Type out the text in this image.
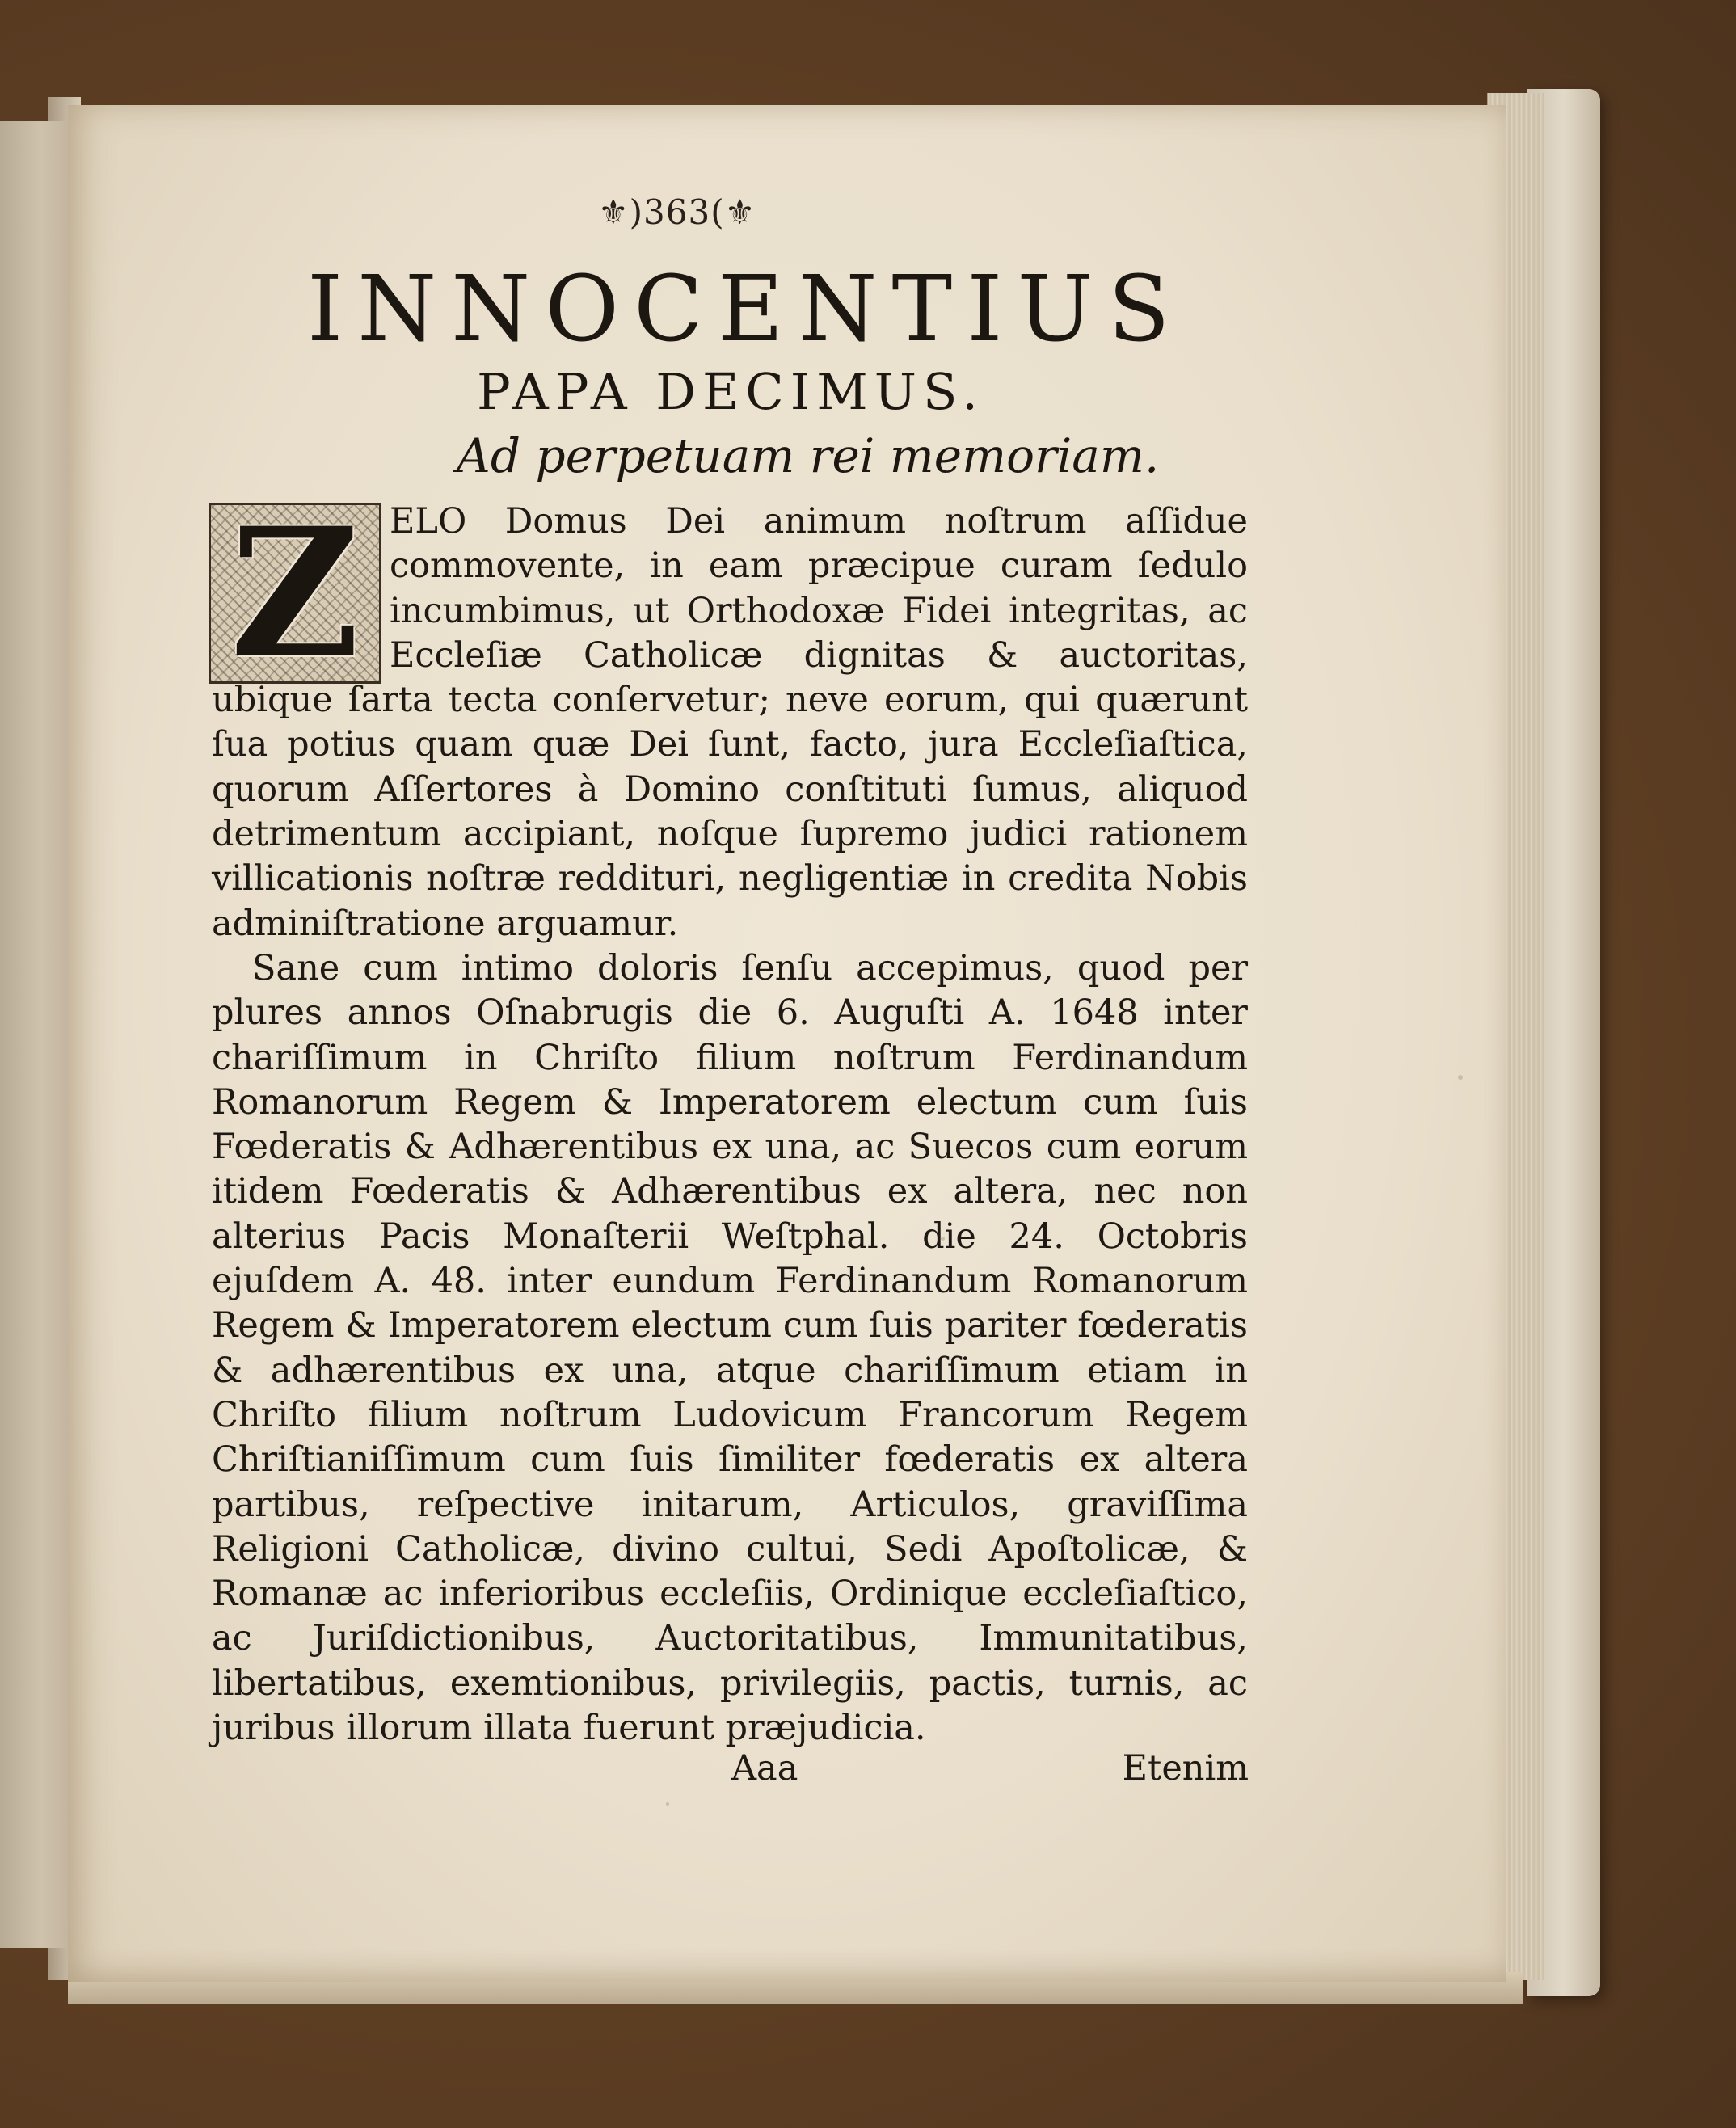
⚜)363(⚜
INNOCENTIUS
PAPA DECIMUS.
Ad perpetuam rei memoriam.
Z ELO Domus Dei animum noſtrum aſſidue commovente, in eam præcipue curam ſedulo incumbimus, ut Orthodoxæ Fidei integritas, ac Eccleſiæ Catholicæ dignitas & auctoritas, ubique ſarta tecta conſervetur; neve eorum, qui quærunt ſua potius quam quæ Dei ſunt, facto, jura Eccleſiaſtica, quorum Aſſertores à Domino conſtituti ſumus, aliquod detrimentum accipiant, noſque ſupremo judici rationem villicationis noſtræ reddituri, negligentiæ in credita Nobis adminiſtratione arguamur.

Sane cum intimo doloris ſenſu accepimus, quod per plures annos Oſnabrugis die 6. Auguſti A. 1648 inter chariſſimum in Chriſto filium noſtrum Ferdinandum Romanorum Regem & Imperatorem electum cum ſuis Fœderatis & Adhærentibus ex una, ac Suecos cum eorum itidem Fœderatis & Adhærentibus ex altera, nec non alterius Pacis Monaſterii Weſtphal. die 24. Octobris ejuſdem A. 48. inter eundum Ferdinandum Romanorum Regem & Imperatorem electum cum ſuis pariter fœderatis & adhærentibus ex una, atque chariſſimum etiam in Chriſto filium noſtrum Ludovicum Francorum Regem Chriſtianiſſimum cum ſuis ſimiliter fœderatis ex altera partibus, reſpective initarum, Articulos, graviſſima Religioni Catholicæ, divino cultui, Sedi Apoſtolicæ, & Romanæ ac inferioribus eccleſiis, Ordinique eccleſiaſtico, ac Juriſdictionibus, Auctoritatibus, Immunitatibus, libertatibus, exemtionibus, privilegiis, pactis, turnis, ac juribus illorum illata fuerunt præjudicia.

Aaa	Etenim
